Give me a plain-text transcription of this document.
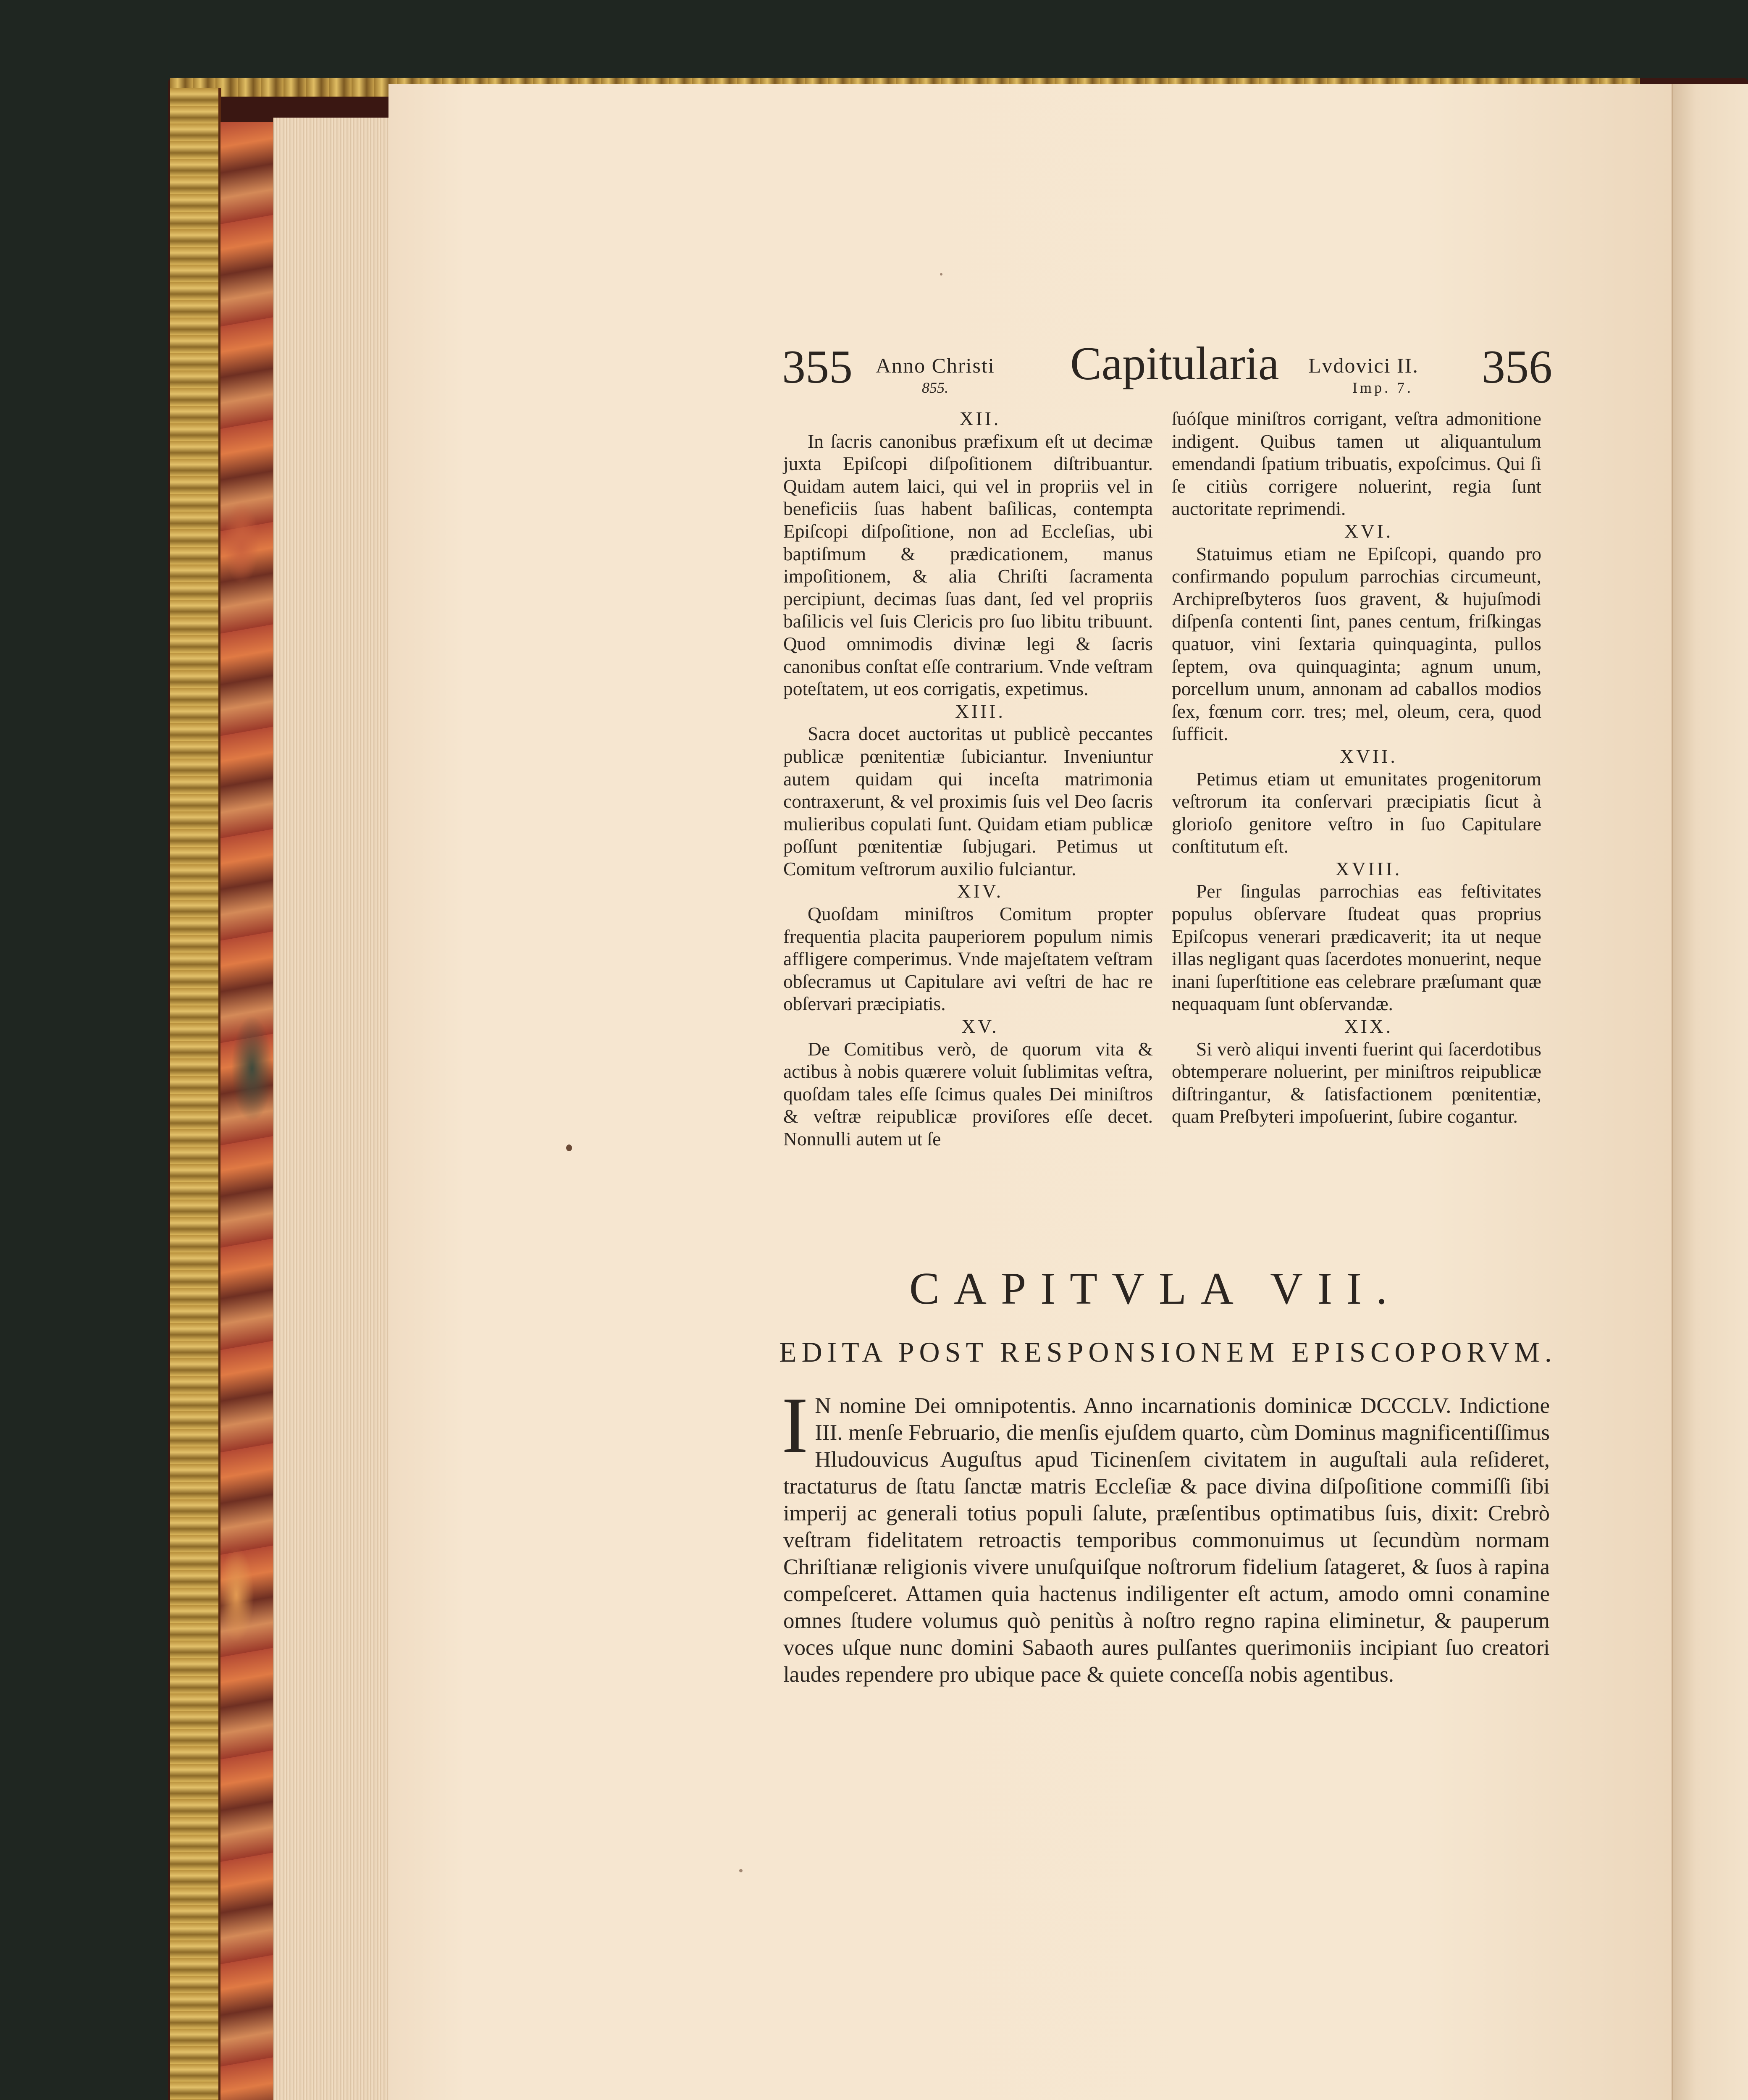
355 Anno Christi
855.	Capitularia Lvdovici II.
Imp. 7. 356

XII.

In ſacris canonibus præfixum eſt ut decimæ juxta Epiſcopi diſpoſitionem diſtribuantur. Quidam autem laici, qui vel in propriis vel in beneficiis ſuas habent baſilicas, contempta Epiſcopi diſpoſitione, non ad Eccleſias, ubi baptiſmum & prædicationem, manus impoſitionem, & alia Chriſti ſacramenta percipiunt, decimas ſuas dant, ſed vel propriis baſilicis vel ſuis Clericis pro ſuo libitu tribuunt. Quod omnimodis divinæ legi & ſacris canonibus conſtat eſſe contrarium. Vnde veſtram poteſtatem, ut eos corrigatis, expetimus.

XIII.

Sacra docet auctoritas ut publicè peccantes publicæ pœnitentiæ ſubiciantur. Inveniuntur autem quidam qui inceſta matrimonia contraxerunt, & vel proximis ſuis vel Deo ſacris mulieribus copulati ſunt. Quidam etiam publicæ poſſunt pœnitentiæ ſubjugari. Petimus ut Comitum veſtrorum auxilio fulciantur.

XIV.

Quoſdam miniſtros Comitum propter frequentia placita pauperiorem populum nimis affligere comperimus. Vnde majeſtatem veſtram obſecramus ut Capitulare avi veſtri de hac re obſervari præcipiatis.

XV.

De Comitibus verò, de quorum vita & actibus à nobis quærere voluit ſublimitas veſtra, quoſdam tales eſſe ſcimus quales Dei miniſtros & veſtræ reipublicæ proviſores eſſe decet. Nonnulli autem ut ſe

ſuóſque miniſtros corrigant, veſtra admonitione indigent. Quibus tamen ut aliquantulum emendandi ſpatium tribuatis, expoſcimus. Qui ſi ſe citiùs corrigere noluerint, regia ſunt auctoritate reprimendi.

XVI.

Statuimus etiam ne Epiſcopi, quando pro confirmando populum parrochias circumeunt, Archipreſbyteros ſuos gravent, & hujuſmodi diſpenſa contenti ſint, panes centum, friſkingas quatuor, vini ſextaria quinquaginta, pullos ſeptem, ova quinquaginta; agnum unum, porcellum unum, annonam ad caballos modios ſex, fœnum corr. tres; mel, oleum, cera, quod ſufficit.

XVII.

Petimus etiam ut emunitates progenitorum veſtrorum ita conſervari præcipiatis ſicut à glorioſo genitore veſtro in ſuo Capitulare conſtitutum eſt.

XVIII.

Per ſingulas parrochias eas feſtivitates populus obſervare ſtudeat quas proprius Epiſcopus venerari prædicaverit; ita ut neque illas negligant quas ſacerdotes monuerint, neque inani ſuperſtitione eas celebrare præſumant quæ nequaquam ſunt obſervandæ.

XIX.

Si verò aliqui inventi fuerint qui ſacerdotibus obtemperare noluerint, per miniſtros reipublicæ diſtringantur, & ſatisfactionem pœnitentiæ, quam Preſbyteri impoſuerint, ſubire cogantur.

CAPITVLA VII.
EDITA POST RESPONSIONEM EPISCOPORVM.
I N nomine Dei omnipotentis. Anno incarnationis dominicæ DCCCLV. Indictione III. menſe Februario, die menſis ejuſdem quarto, cùm Dominus magnificentiſſimus Hludouvicus Auguſtus apud Ticinenſem civitatem in auguſtali aula reſideret, tractaturus de ſtatu ſanctæ matris Eccleſiæ & pace divina diſpoſitione commiſſi ſibi imperij ac generali totius populi ſalute, præſentibus optimatibus ſuis, dixit: Crebrò veſtram fidelitatem retroactis temporibus commonuimus ut ſecundùm normam Chriſtianæ religionis vivere unuſquiſque noſtrorum fidelium ſatageret, & ſuos à rapina compeſceret. Attamen quia hactenus indiligenter eſt actum, amodo omni conamine omnes ſtudere volumus quò penitùs à noſtro regno rapina eliminetur, & pauperum voces uſque nunc domini Sabaoth aures pulſantes querimoniis incipiant ſuo creatori laudes rependere pro ubique pace & quiete conceſſa nobis agentibus.
